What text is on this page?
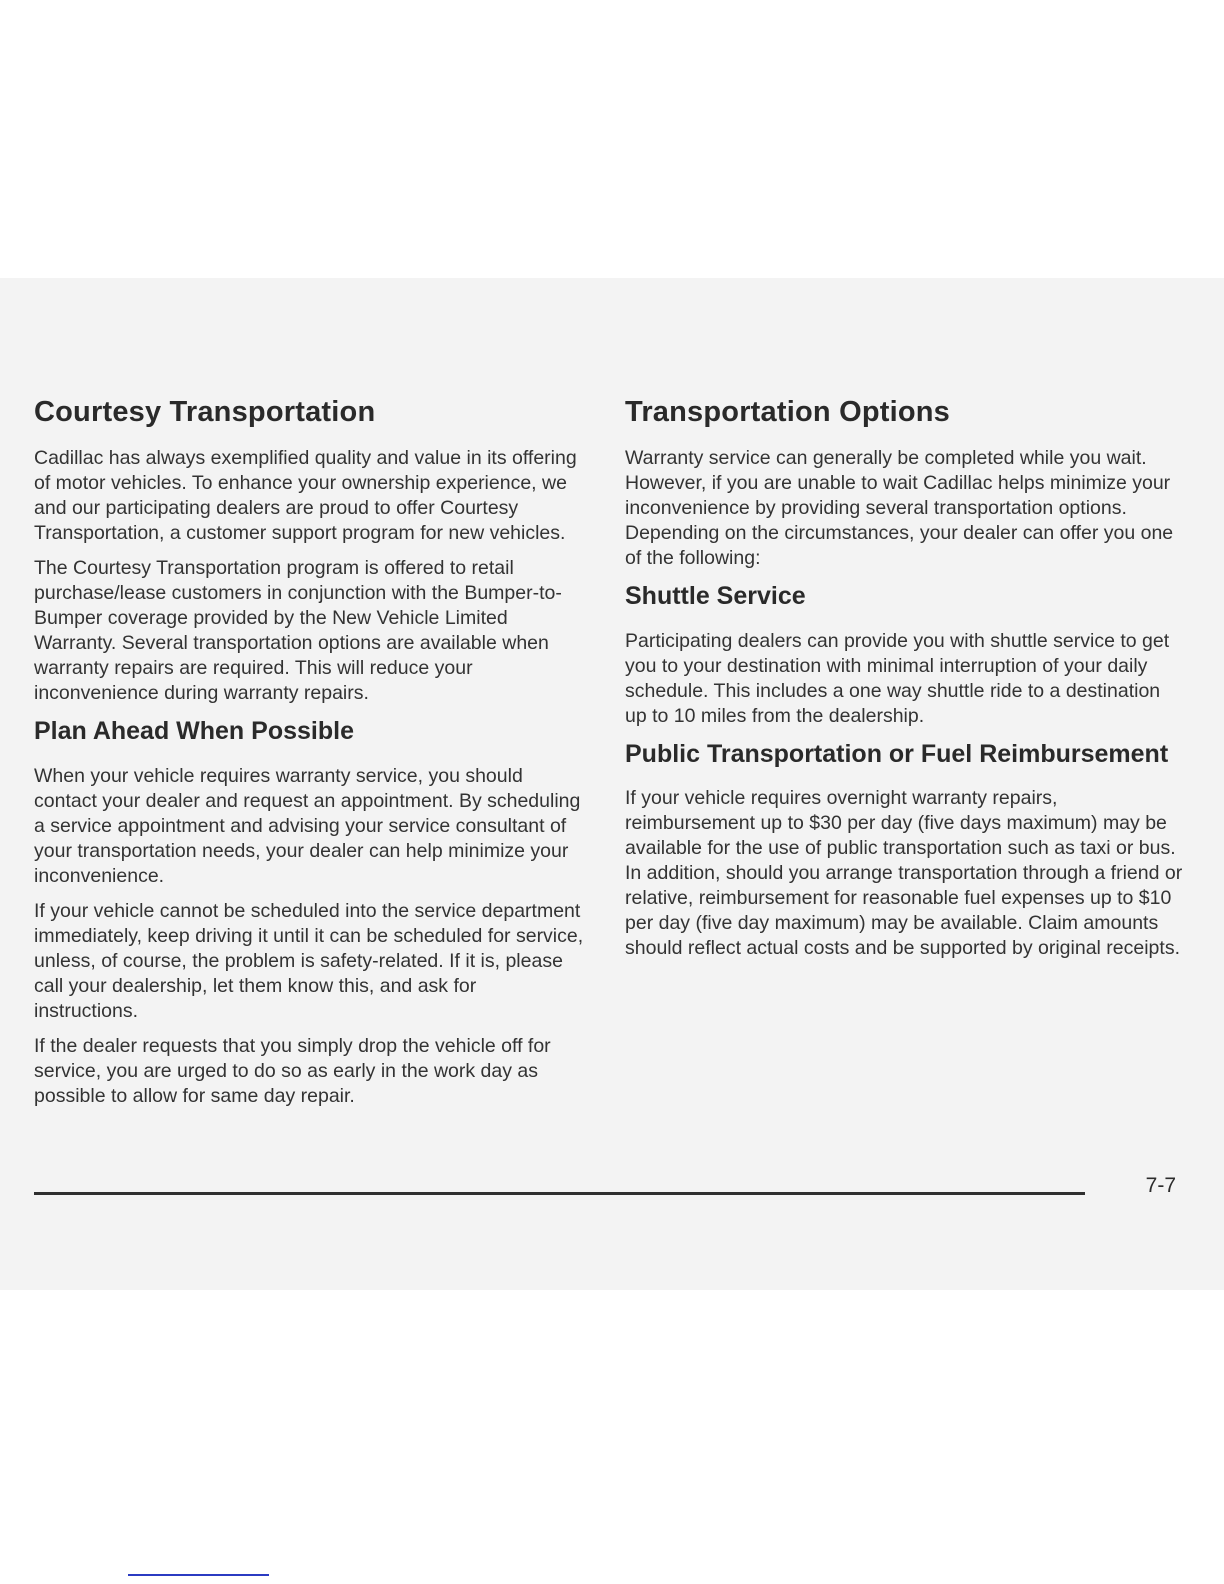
Courtesy Transportation

Cadillac has always exemplified quality and value in its offering of motor vehicles. To enhance your ownership experience, we and our participating dealers are proud to offer Courtesy Transportation, a customer support program for new vehicles.

The Courtesy Transportation program is offered to retail purchase/lease customers in conjunction with the Bumper-to-Bumper coverage provided by the New Vehicle Limited Warranty. Several transportation options are available when warranty repairs are required. This will reduce your inconvenience during warranty repairs.

Plan Ahead When Possible

When your vehicle requires warranty service, you should contact your dealer and request an appointment. By scheduling a service appointment and advising your service consultant of your transportation needs, your dealer can help minimize your inconvenience.

If your vehicle cannot be scheduled into the service department immediately, keep driving it until it can be scheduled for service, unless, of course, the problem is safety-related. If it is, please call your dealership, let them know this, and ask for instructions.

If the dealer requests that you simply drop the vehicle off for service, you are urged to do so as early in the work day as possible to allow for same day repair.

Transportation Options

Warranty service can generally be completed while you wait. However, if you are unable to wait Cadillac helps minimize your inconvenience by providing several transportation options. Depending on the circumstances, your dealer can offer you one of the following:

Shuttle Service

Participating dealers can provide you with shuttle service to get you to your destination with minimal interruption of your daily schedule. This includes a one way shuttle ride to a destination up to 10 miles from the dealership.

Public Transportation or Fuel Reimbursement

If your vehicle requires overnight warranty repairs, reimbursement up to $30 per day (five days maximum) may be available for the use of public transportation such as taxi or bus. In addition, should you arrange transportation through a friend or relative, reimbursement for reasonable fuel expenses up to $10 per day (five day maximum) may be available. Claim amounts should reflect actual costs and be supported by original receipts.

7-7
